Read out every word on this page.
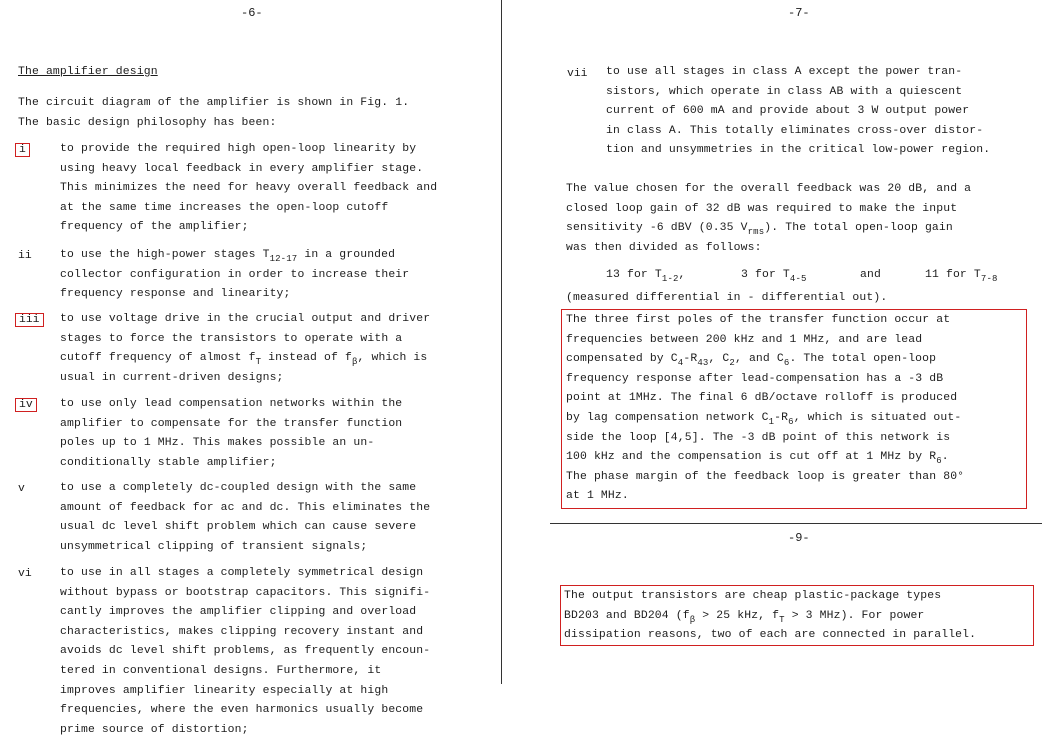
-6-
The amplifier design
The circuit diagram of the amplifier is shown in Fig. 1.
The basic design philosophy has been:
i	to provide the required high open-loop linearity by
using heavy local feedback in every amplifier stage.
This minimizes the need for heavy overall feedback and
at the same time increases the open-loop cutoff
frequency of the amplifier;
ii to use the high-power stages $T_{12-17}$ in a grounded
collector configuration in order to increase their
frequency response and linearity;
iii	to use voltage drive in the crucial output and driver
stages to force the transistors to operate with a
cutoff frequency of almost $f_T$ instead of $f_\beta$, which is
usual in current-driven designs;
iv	to use only lead compensation networks within the
amplifier to compensate for the transfer function
poles up to 1 MHz. This makes possible an un-
conditionally stable amplifier;
v	to use a completely dc-coupled design with the same
amount of feedback for ac and dc. This eliminates the
usual dc level shift problem which can cause severe
unsymmetrical clipping of transient signals;
vi to use in all stages a completely symmetrical design
without bypass or bootstrap capacitors. This signifi-
cantly improves the amplifier clipping and overload
characteristics, makes clipping recovery instant and
avoids dc level shift problems, as frequently encoun-
tered in conventional designs. Furthermore, it
improves amplifier linearity especially at high
frequencies, where the even harmonics usually become
prime source of distortion;
-7-
vii to use all stages in class A except the power tran-
sistors, which operate in class AB with a quiescent
current of 600 mA and provide about 3 W output power
in class A. This totally eliminates cross-over distor-
tion and unsymmetries in the critical low-power region.
The value chosen for the overall feedback was 20 dB, and a
closed loop gain of 32 dB was required to make the input
sensitivity -6 dBV (0.35 $V_{rms}$). The total open-loop gain
was then divided as follows:
13 for $T_{1-2}$,	3 for $T_{4-5}$	and	11 for $T_{7-8}$
(measured differential in - differential out).
The three first poles of the transfer function occur at
frequencies between 200 kHz and 1 MHz, and are lead
compensated by $C_4-R_{43}$, $C_2$, and $C_6$. The total open-loop
frequency response after lead-compensation has a -3 dB
point at 1MHz. The final 6 dB/octave rolloff is produced
by lag compensation network $C_1-R_6$, which is situated out-
side the loop [4,5]. The -3 dB point of this network is
100 kHz and the compensation is cut off at 1 MHz by $R_6$.
The phase margin of the feedback loop is greater than 80°
at 1 MHz.
-9-
The output transistors are cheap plastic-package types
BD203 and BD204 ($f_\beta > 25$ kHz, $f_T > 3$ MHz). For power
dissipation reasons, two of each are connected in parallel.
